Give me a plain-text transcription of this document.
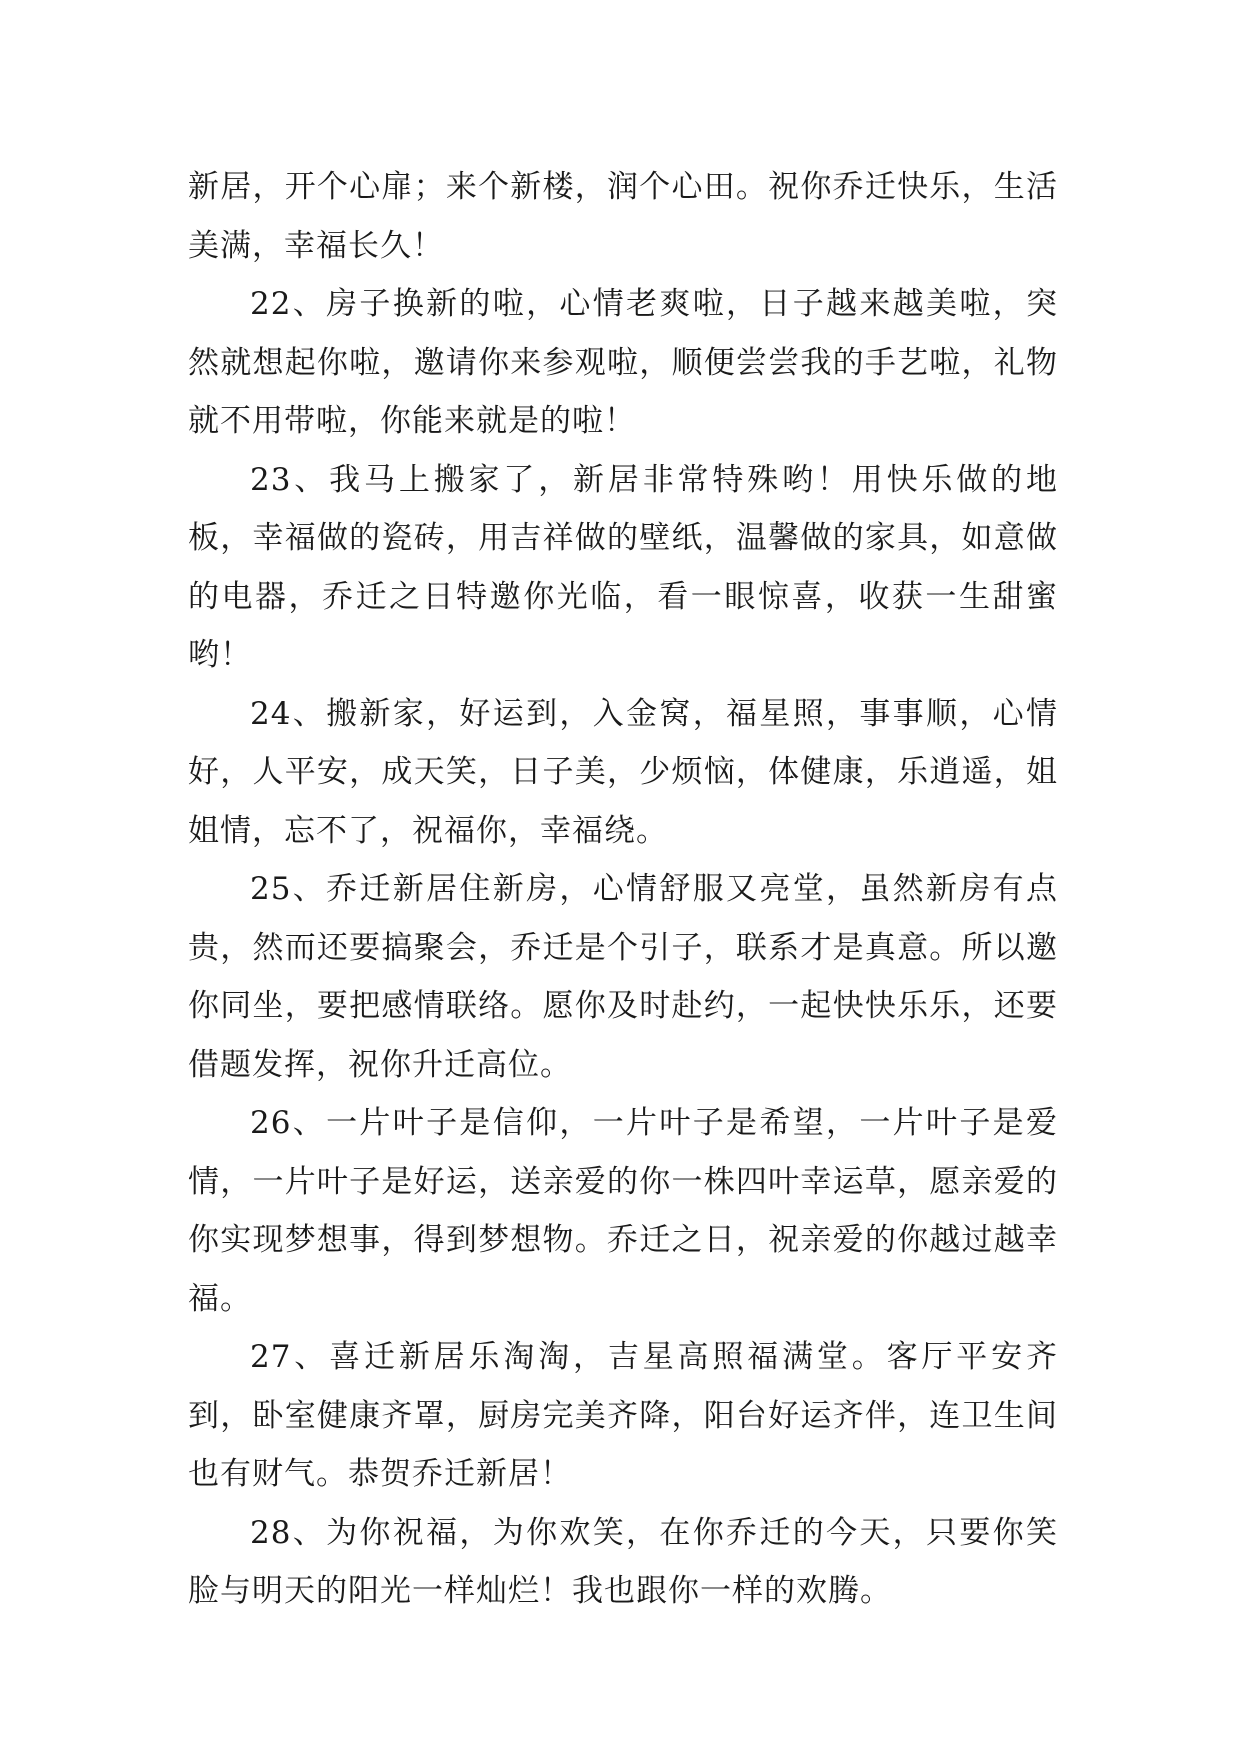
新居，开个心扉；来个新楼，润个心田。祝你乔迁快乐，生活美满，幸福长久！

22、房子换新的啦，心情老爽啦，日子越来越美啦，突然就想起你啦，邀请你来参观啦，顺便尝尝我的手艺啦，礼物就不用带啦，你能来就是的啦！

23、我马上搬家了，新居非常特殊哟！用快乐做的地板，幸福做的瓷砖，用吉祥做的壁纸，温馨做的家具，如意做的电器，乔迁之日特邀你光临，看一眼惊喜，收获一生甜蜜哟！

24、搬新家，好运到，入金窝，福星照，事事顺，心情好，人平安，成天笑，日子美，少烦恼，体健康，乐逍遥，姐姐情，忘不了，祝福你，幸福绕。

25、乔迁新居住新房，心情舒服又亮堂，虽然新房有点贵，然而还要搞聚会，乔迁是个引子，联系才是真意。所以邀你同坐，要把感情联络。愿你及时赴约，一起快快乐乐，还要借题发挥，祝你升迁高位。

26、一片叶子是信仰，一片叶子是希望，一片叶子是爱情，一片叶子是好运，送亲爱的你一株四叶幸运草，愿亲爱的你实现梦想事，得到梦想物。乔迁之日，祝亲爱的你越过越幸福。

27、喜迁新居乐淘淘，吉星高照福满堂。客厅平安齐到，卧室健康齐罩，厨房完美齐降，阳台好运齐伴，连卫生间也有财气。恭贺乔迁新居！

28、为你祝福，为你欢笑，在你乔迁的今天，只要你笑脸与明天的阳光一样灿烂！我也跟你一样的欢腾。
